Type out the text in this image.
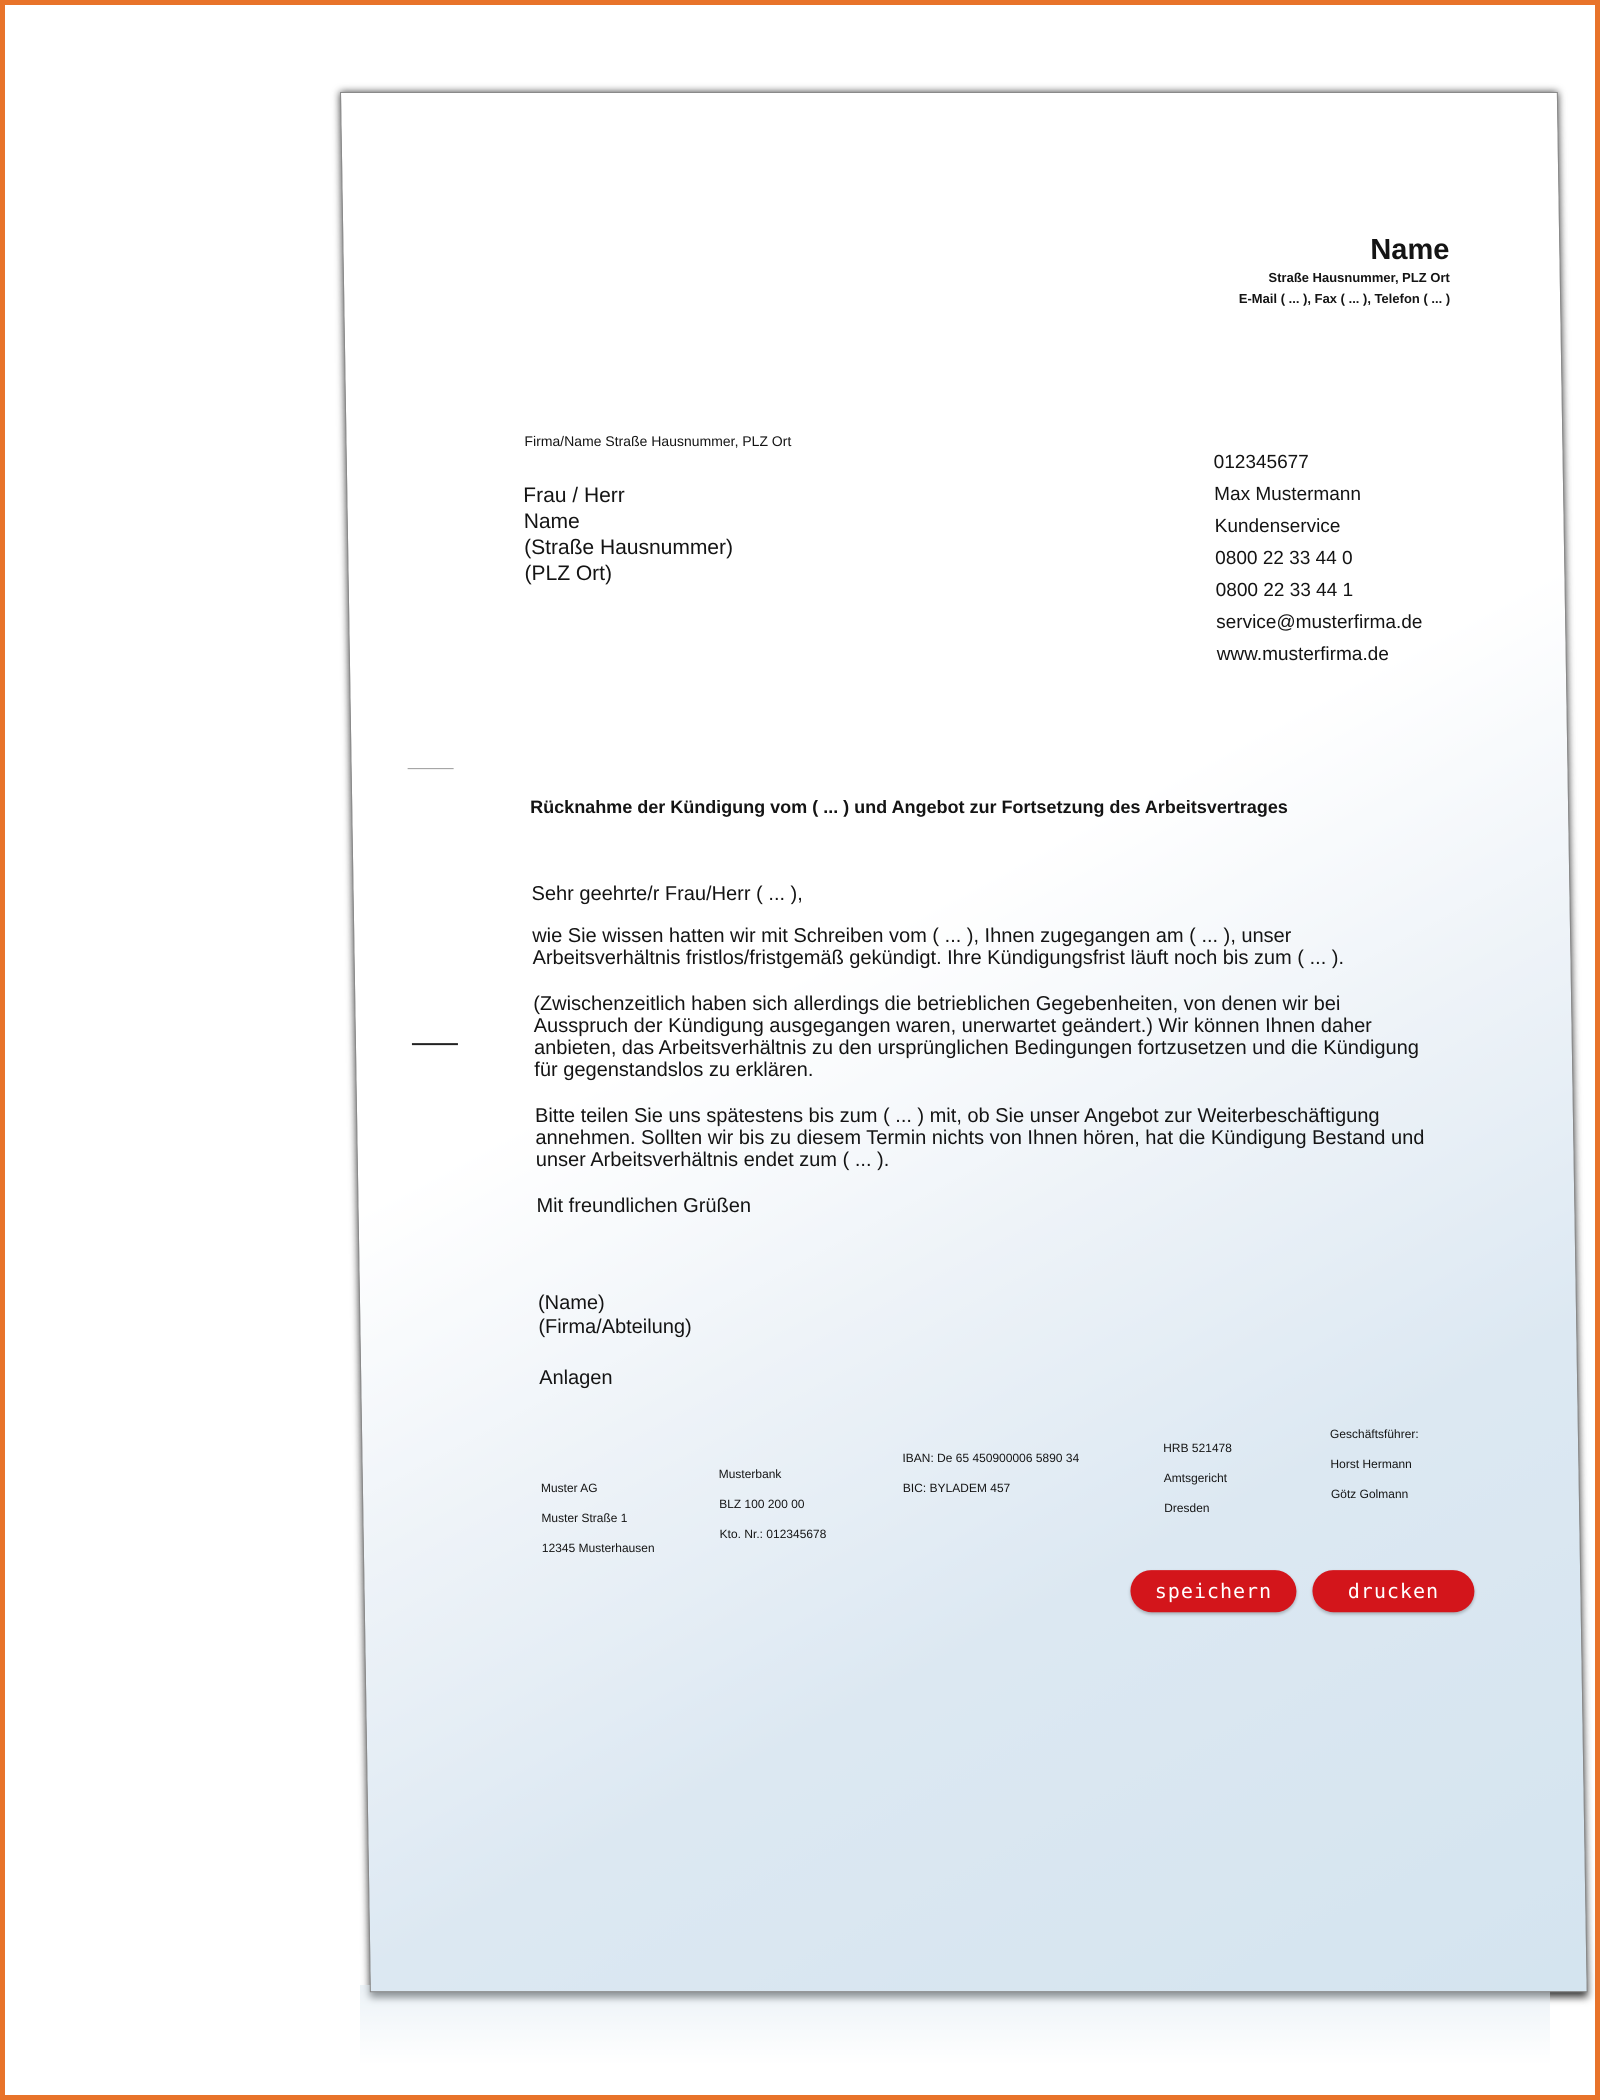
Name
Straße Hausnummer, PLZ Ort
E-Mail ( ... ), Fax ( ... ), Telefon ( ... )
Firma/Name Straße Hausnummer, PLZ Ort
Frau / Herr
Name
(Straße Hausnummer)
(PLZ Ort)
012345677
Max Mustermann
Kundenservice
0800 22 33 44 0
0800 22 33 44 1
service@musterfirma.de
www.musterfirma.de
Rücknahme der Kündigung vom ( ... ) und Angebot zur Fortsetzung des Arbeitsvertrages

Sehr geehrte/r Frau/Herr ( ... ),

wie Sie wissen hatten wir mit Schreiben vom ( ... ), Ihnen zugegangen am ( ... ), unser Arbeitsverhältnis fristlos/fristgemäß gekündigt. Ihre Kündigungsfrist läuft noch bis zum ( ... ).

(Zwischenzeitlich haben sich allerdings die betrieblichen Gegebenheiten, von denen wir bei Ausspruch der Kündigung ausgegangen waren, unerwartet geändert.) Wir können Ihnen daher anbieten, das Arbeitsverhältnis zu den ursprünglichen Bedingungen fortzusetzen und die Kündigung für gegenstandslos zu erklären.

Bitte teilen Sie uns spätestens bis zum ( ... ) mit, ob Sie unser Angebot zur Weiterbeschäftigung annehmen. Sollten wir bis zu diesem Termin nichts von Ihnen hören, hat die Kündigung Bestand und unser Arbeitsverhältnis endet zum ( ... ).

Mit freundlichen Grüßen
(Name)
(Firma/Abteilung)
Anlagen
Muster AG
Muster Straße 1
12345 Musterhausen
Musterbank
BLZ 100 200 00
Kto. Nr.: 012345678
IBAN: De 65 450900006 5890 34
BIC: BYLADEM 457
HRB 521478
Amtsgericht
Dresden
Geschäftsführer:
Horst Hermann
Götz Golmann
speichern	drucken
